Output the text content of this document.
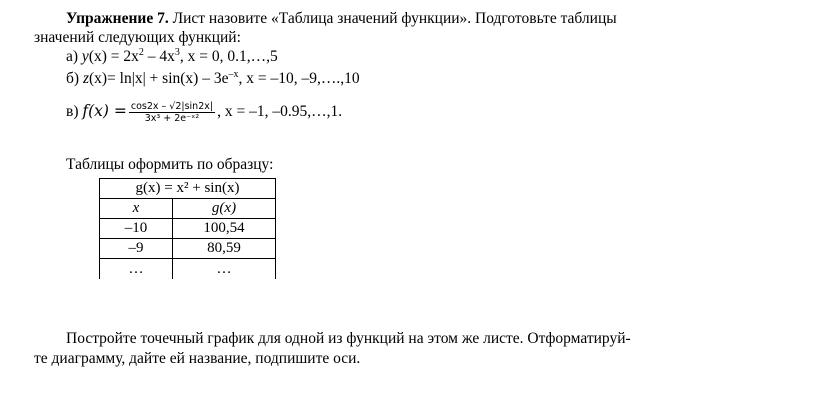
Упражнение 7. Лист назовите «Таблица значений функции». Подготовьте таблицы
значений следующих функций:
а) $y(x) = 2x^2 - 4x^3$, x = 0, 0.1,…,5
б) $z(x)= \ln|x| + \sin(x) - 3e^{-x}$, x = –10, –9,….,10
в) $f(x) = \frac{\cos 2x - √2|\sin 2x|}{\text{3x³ + 2e⁻ˣ²}}$ , x = –1, –0.95,…,1.
Таблицы оформить по образцу:
g(x) = x² + sin(x)	
x	g(x)
–10	100,54
–9	80,59
…	…
Постройте точечный график для одной из функций на этом же листе. Отформатируй-
те диаграмму, дайте ей название, подпишите оси.
